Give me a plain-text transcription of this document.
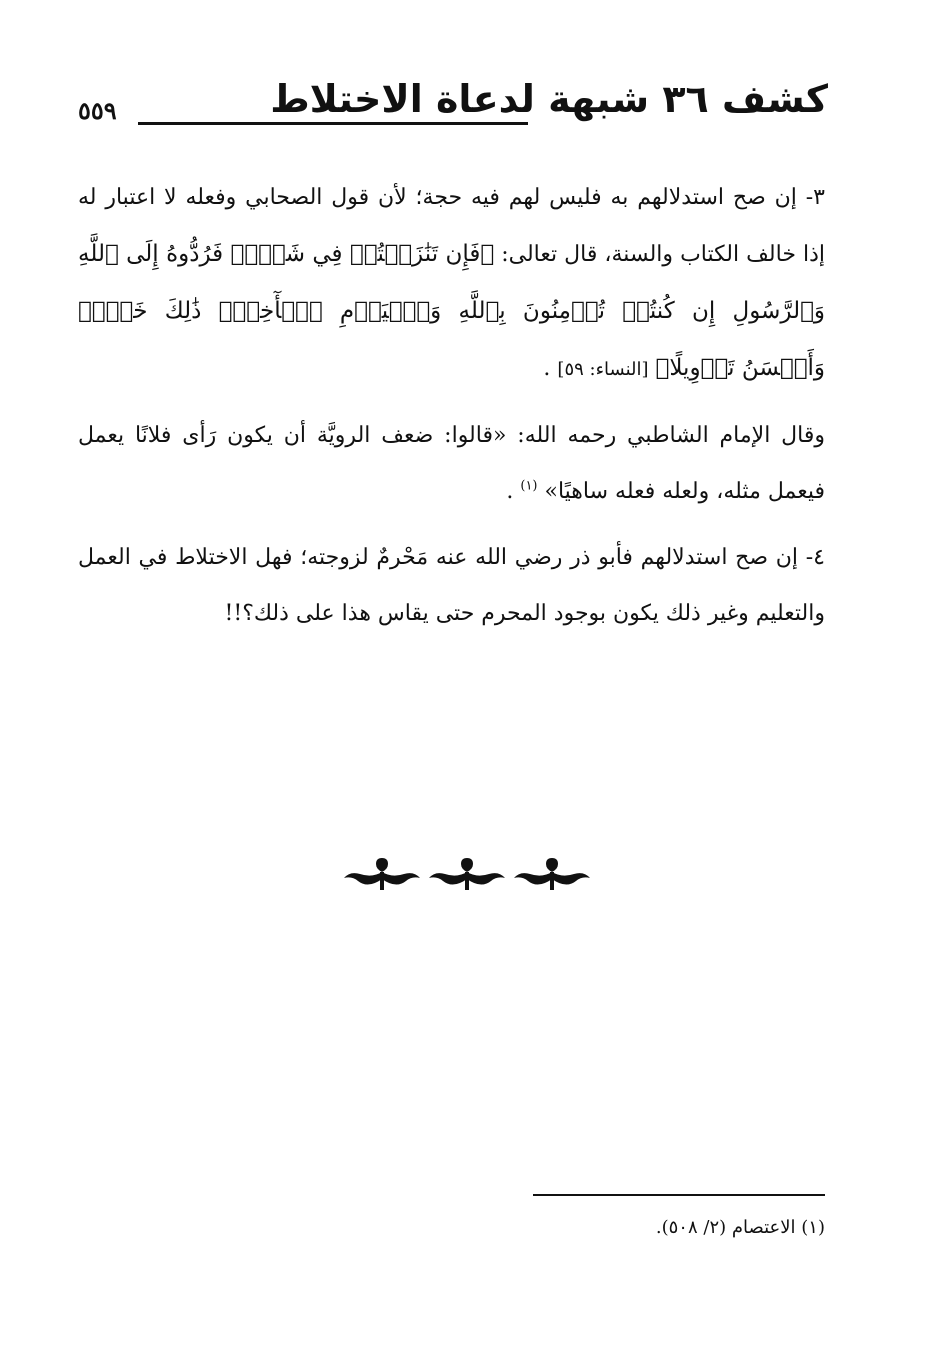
كشف ٣٦ شبهة لدعاة الاختلاط
٥٥٩

٣- إن صح استدلالهم به فليس لهم فيه حجة؛ لأن قول الصحابي وفعله لا اعتبار له إذا خالف الكتاب والسنة، قال تعالى: ﴿فَإِن تَنَٰزَعۡتُمۡ فِي شَيۡءٖ فَرُدُّوهُ إِلَى ٱللَّهِ وَٱلرَّسُولِ إِن كُنتُمۡ تُؤۡمِنُونَ بِٱللَّهِ وَٱلۡيَوۡمِ ٱلۡأٓخِرِۚ ذَٰلِكَ خَيۡرٞ وَأَحۡسَنُ تَأۡوِيلًا﴾ [النساء: ٥٩] .

وقال الإمام الشاطبي رحمه الله: «قالوا: ضعف الرويَّة أن يكون رَأى فلانًا يعمل فيعمل مثله، ولعله فعله ساهيًا» $^{(١)}$ .

٤- إن صح استدلالهم فأبو ذر رضي الله عنه مَحْرمٌ لزوجته؛ فهل الاختلاط في العمل والتعليم وغير ذلك يكون بوجود المحرم حتى يقاس هذا على ذلك؟!!

(١) الاعتصام (٢/ ٥٠٨).
